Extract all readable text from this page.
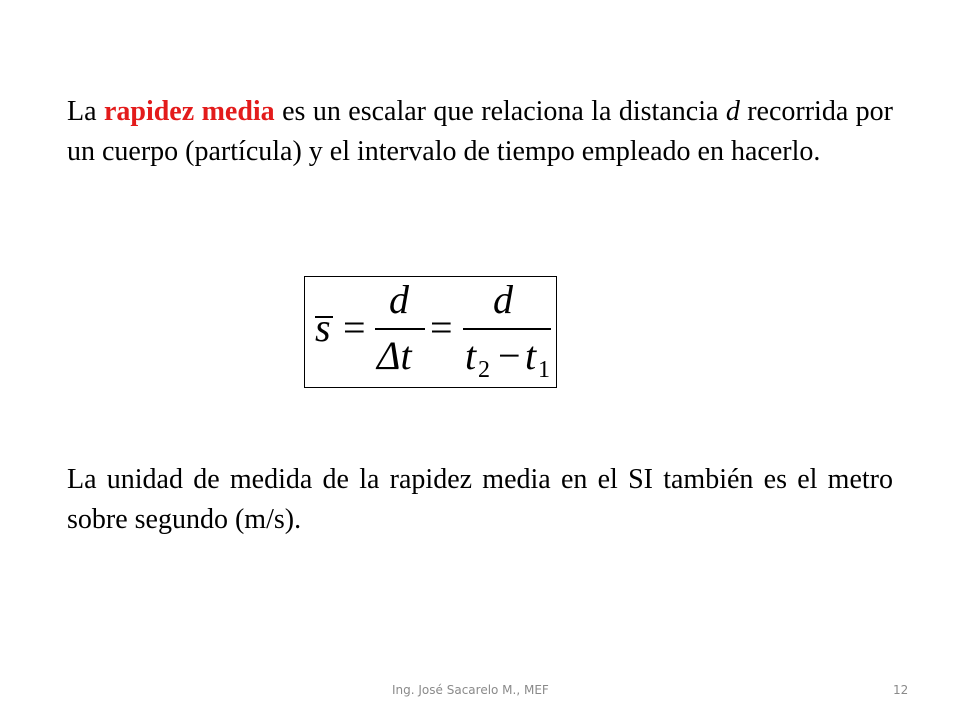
La rapidez media es un escalar que relaciona la distancia d recorrida por un cuerpo (partícula) y el intervalo de tiempo empleado en hacerlo.

s =
d
Δt
=
d
t 2 − t 1

La unidad de medida de la rapidez media en el SI también es el metro sobre segundo (m/s).

Ing. José Sacarelo M., MEF	12
